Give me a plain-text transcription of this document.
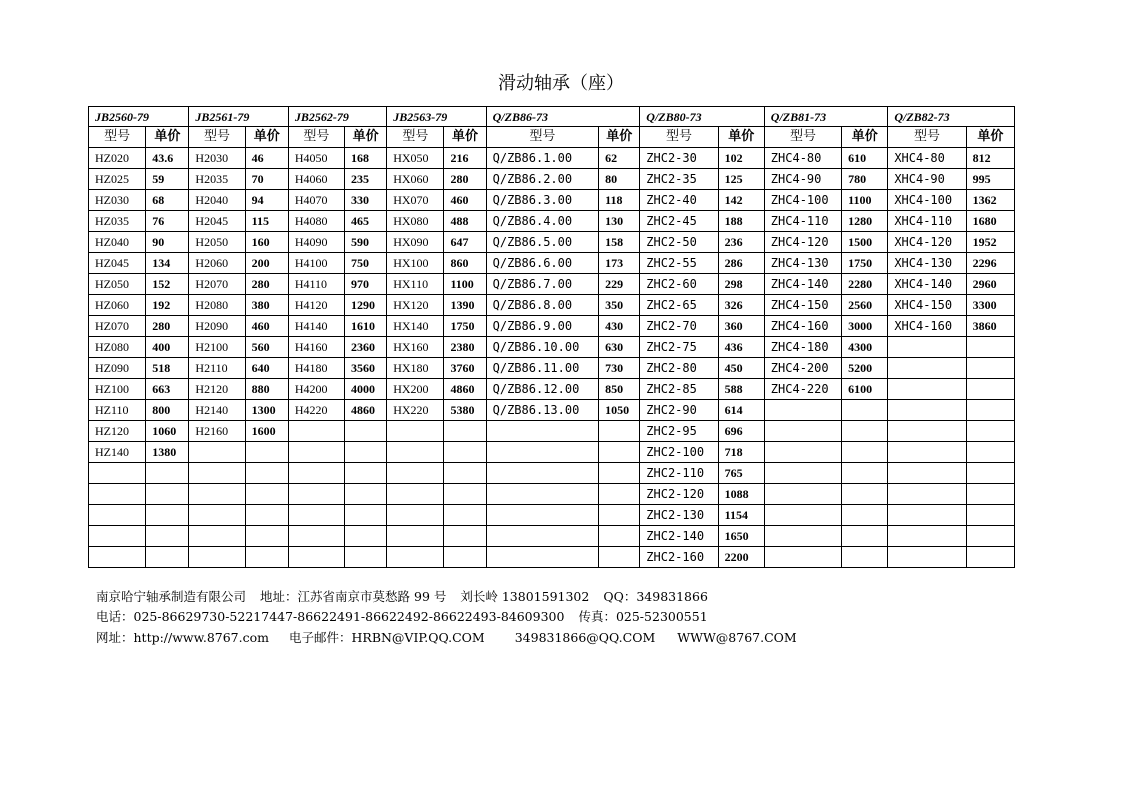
滑动轴承（座）
JB2560-79		JB2561-79		JB2562-79		JB2563-79		Q/ZB86-73		Q/ZB80-73		Q/ZB81-73		Q/ZB82-73	
型号	单价	型号	单价	型号	单价	型号	单价	型号	单价	型号	单价	型号	单价	型号	单价
HZ020	43.6	H2030	46	H4050	168	HX050	216	Q/ZB86.1.00	62	ZHC2-30	102	ZHC4-80	610	XHC4-80	812
HZ025	59	H2035	70	H4060	235	HX060	280	Q/ZB86.2.00	80	ZHC2-35	125	ZHC4-90	780	XHC4-90	995
HZ030	68	H2040	94	H4070	330	HX070	460	Q/ZB86.3.00	118	ZHC2-40	142	ZHC4-100	1100	XHC4-100	1362
HZ035	76	H2045	115	H4080	465	HX080	488	Q/ZB86.4.00	130	ZHC2-45	188	ZHC4-110	1280	XHC4-110	1680
HZ040	90	H2050	160	H4090	590	HX090	647	Q/ZB86.5.00	158	ZHC2-50	236	ZHC4-120	1500	XHC4-120	1952
HZ045	134	H2060	200	H4100	750	HX100	860	Q/ZB86.6.00	173	ZHC2-55	286	ZHC4-130	1750	XHC4-130	2296
HZ050	152	H2070	280	H4110	970	HX110	1100	Q/ZB86.7.00	229	ZHC2-60	298	ZHC4-140	2280	XHC4-140	2960
HZ060	192	H2080	380	H4120	1290	HX120	1390	Q/ZB86.8.00	350	ZHC2-65	326	ZHC4-150	2560	XHC4-150	3300
HZ070	280	H2090	460	H4140	1610	HX140	1750	Q/ZB86.9.00	430	ZHC2-70	360	ZHC4-160	3000	XHC4-160	3860
HZ080	400	H2100	560	H4160	2360	HX160	2380	Q/ZB86.10.00	630	ZHC2-75	436	ZHC4-180	4300		
HZ090	518	H2110	640	H4180	3560	HX180	3760	Q/ZB86.11.00	730	ZHC2-80	450	ZHC4-200	5200		
HZ100	663	H2120	880	H4200	4000	HX200	4860	Q/ZB86.12.00	850	ZHC2-85	588	ZHC4-220	6100		
HZ110	800	H2140	1300	H4220	4860	HX220	5380	Q/ZB86.13.00	1050	ZHC2-90	614				
HZ120	1060	H2160	1600							ZHC2-95	696				
HZ140	1380									ZHC2-100	718				
										ZHC2-110	765				
										ZHC2-120	1088				
										ZHC2-130	1154				
										ZHC2-140	1650				
										ZHC2-160	2200				
南京哈宁轴承制造有限公司 地址：江苏省南京市莫愁路 99 号 刘长岭 13801591302 QQ：349831866
电话：025-86629730-52217447-86622491-86622492-86622493-84609300 传真：025-52300551
网址：http://www.8767.com 电子邮件：HRBN@VIP.QQ.COM 349831866@QQ.COM WWW@8767.COM
